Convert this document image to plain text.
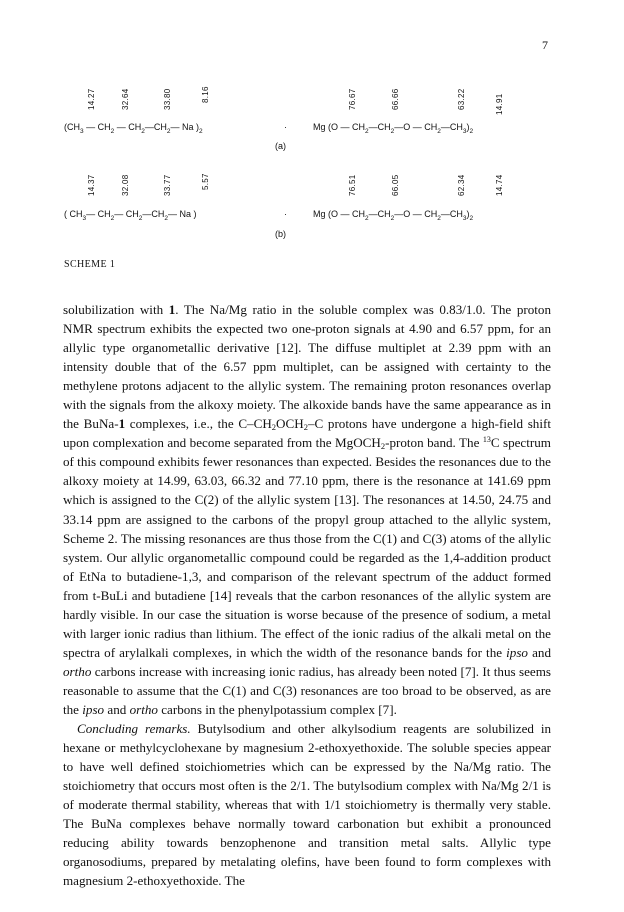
7
14.27	32.64	33.80	8.16	76.67	66.66	63.22	14.91
($CH_3$ — $CH_2$ — $CH_2—CH_2—$ Na )$_2$	·	Mg (O — $CH_2—CH_2—O$ — $CH_2—CH_3)_2$
(a)
14.37	32.08	33.77	5.57	76.51	66.05	62.34	14.74
( $CH_3—$ $CH_2—$ $CH_2—CH_2—$ Na )	·	Mg (O — $CH_2—CH_2—O$ — $CH_2—CH_3)_2$
(b)
SCHEME 1

solubilization with 1. The Na/Mg ratio in the soluble complex was 0.83/1.0. The proton NMR spectrum exhibits the expected two one-proton signals at 4.90 and 6.57 ppm, for an allylic type organometallic derivative [12]. The diffuse multiplet at 2.39 ppm with an intensity double that of the 6.57 ppm multiplet, can be assigned with certainty to the methylene protons adjacent to the allylic system. The remaining proton resonances overlap with the signals from the alkoxy moiety. The alkoxide bands have the same appearance as in the BuNa-1 complexes, i.e., the $C-CH_2OCH_2-C$ protons have undergone a high-field shift upon complexation and become separated from the MgOCH$_2$-proton band. The $^{13}$C spectrum of this compound exhibits fewer resonances than expected. Besides the resonances due to the alkoxy moiety at 14.99, 63.03, 66.32 and 77.10 ppm, there is the resonance at 141.69 ppm which is assigned to the C(2) of the allylic system [13]. The resonances at 14.50, 24.75 and 33.14 ppm are assigned to the carbons of the propyl group attached to the allylic system, Scheme 2. The missing resonances are thus those from the C(1) and C(3) atoms of the allylic system. Our allylic organometallic compound could be regarded as the 1,4-addition product of EtNa to butadiene-1,3, and comparison of the relevant spectrum of the adduct formed from t-BuLi and butadiene [14] reveals that the carbon resonances of the allylic system are hardly visible. In our case the situation is worse because of the presence of sodium, a metal with larger ionic radius than lithium. The effect of the ionic radius of the alkali metal on the spectra of arylalkali complexes, in which the width of the resonance bands for the ipso and ortho carbons increase with increasing ionic radius, has already been noted [7]. It thus seems reasonable to assume that the C(1) and C(3) resonances are too broad to be observed, as are the ipso and ortho carbons in the phenylpotassium complex [7].

Concluding remarks. Butylsodium and other alkylsodium reagents are solubilized in hexane or methylcyclohexane by magnesium 2-ethoxyethoxide. The soluble species appear to have well defined stoichiometries which can be expressed by the Na/Mg ratio. The stoichiometry that occurs most often is the 2/1. The butylsodium complex with Na/Mg 2/1 is of moderate thermal stability, whereas that with 1/1 stoichiometry is thermally very stable. The BuNa complexes behave normally toward carbonation but exhibit a pronounced reducing ability towards benzophenone and transition metal salts. Allylic type organosodiums, prepared by metalating olefins, have been found to form complexes with magnesium 2-ethoxyethoxide. The
